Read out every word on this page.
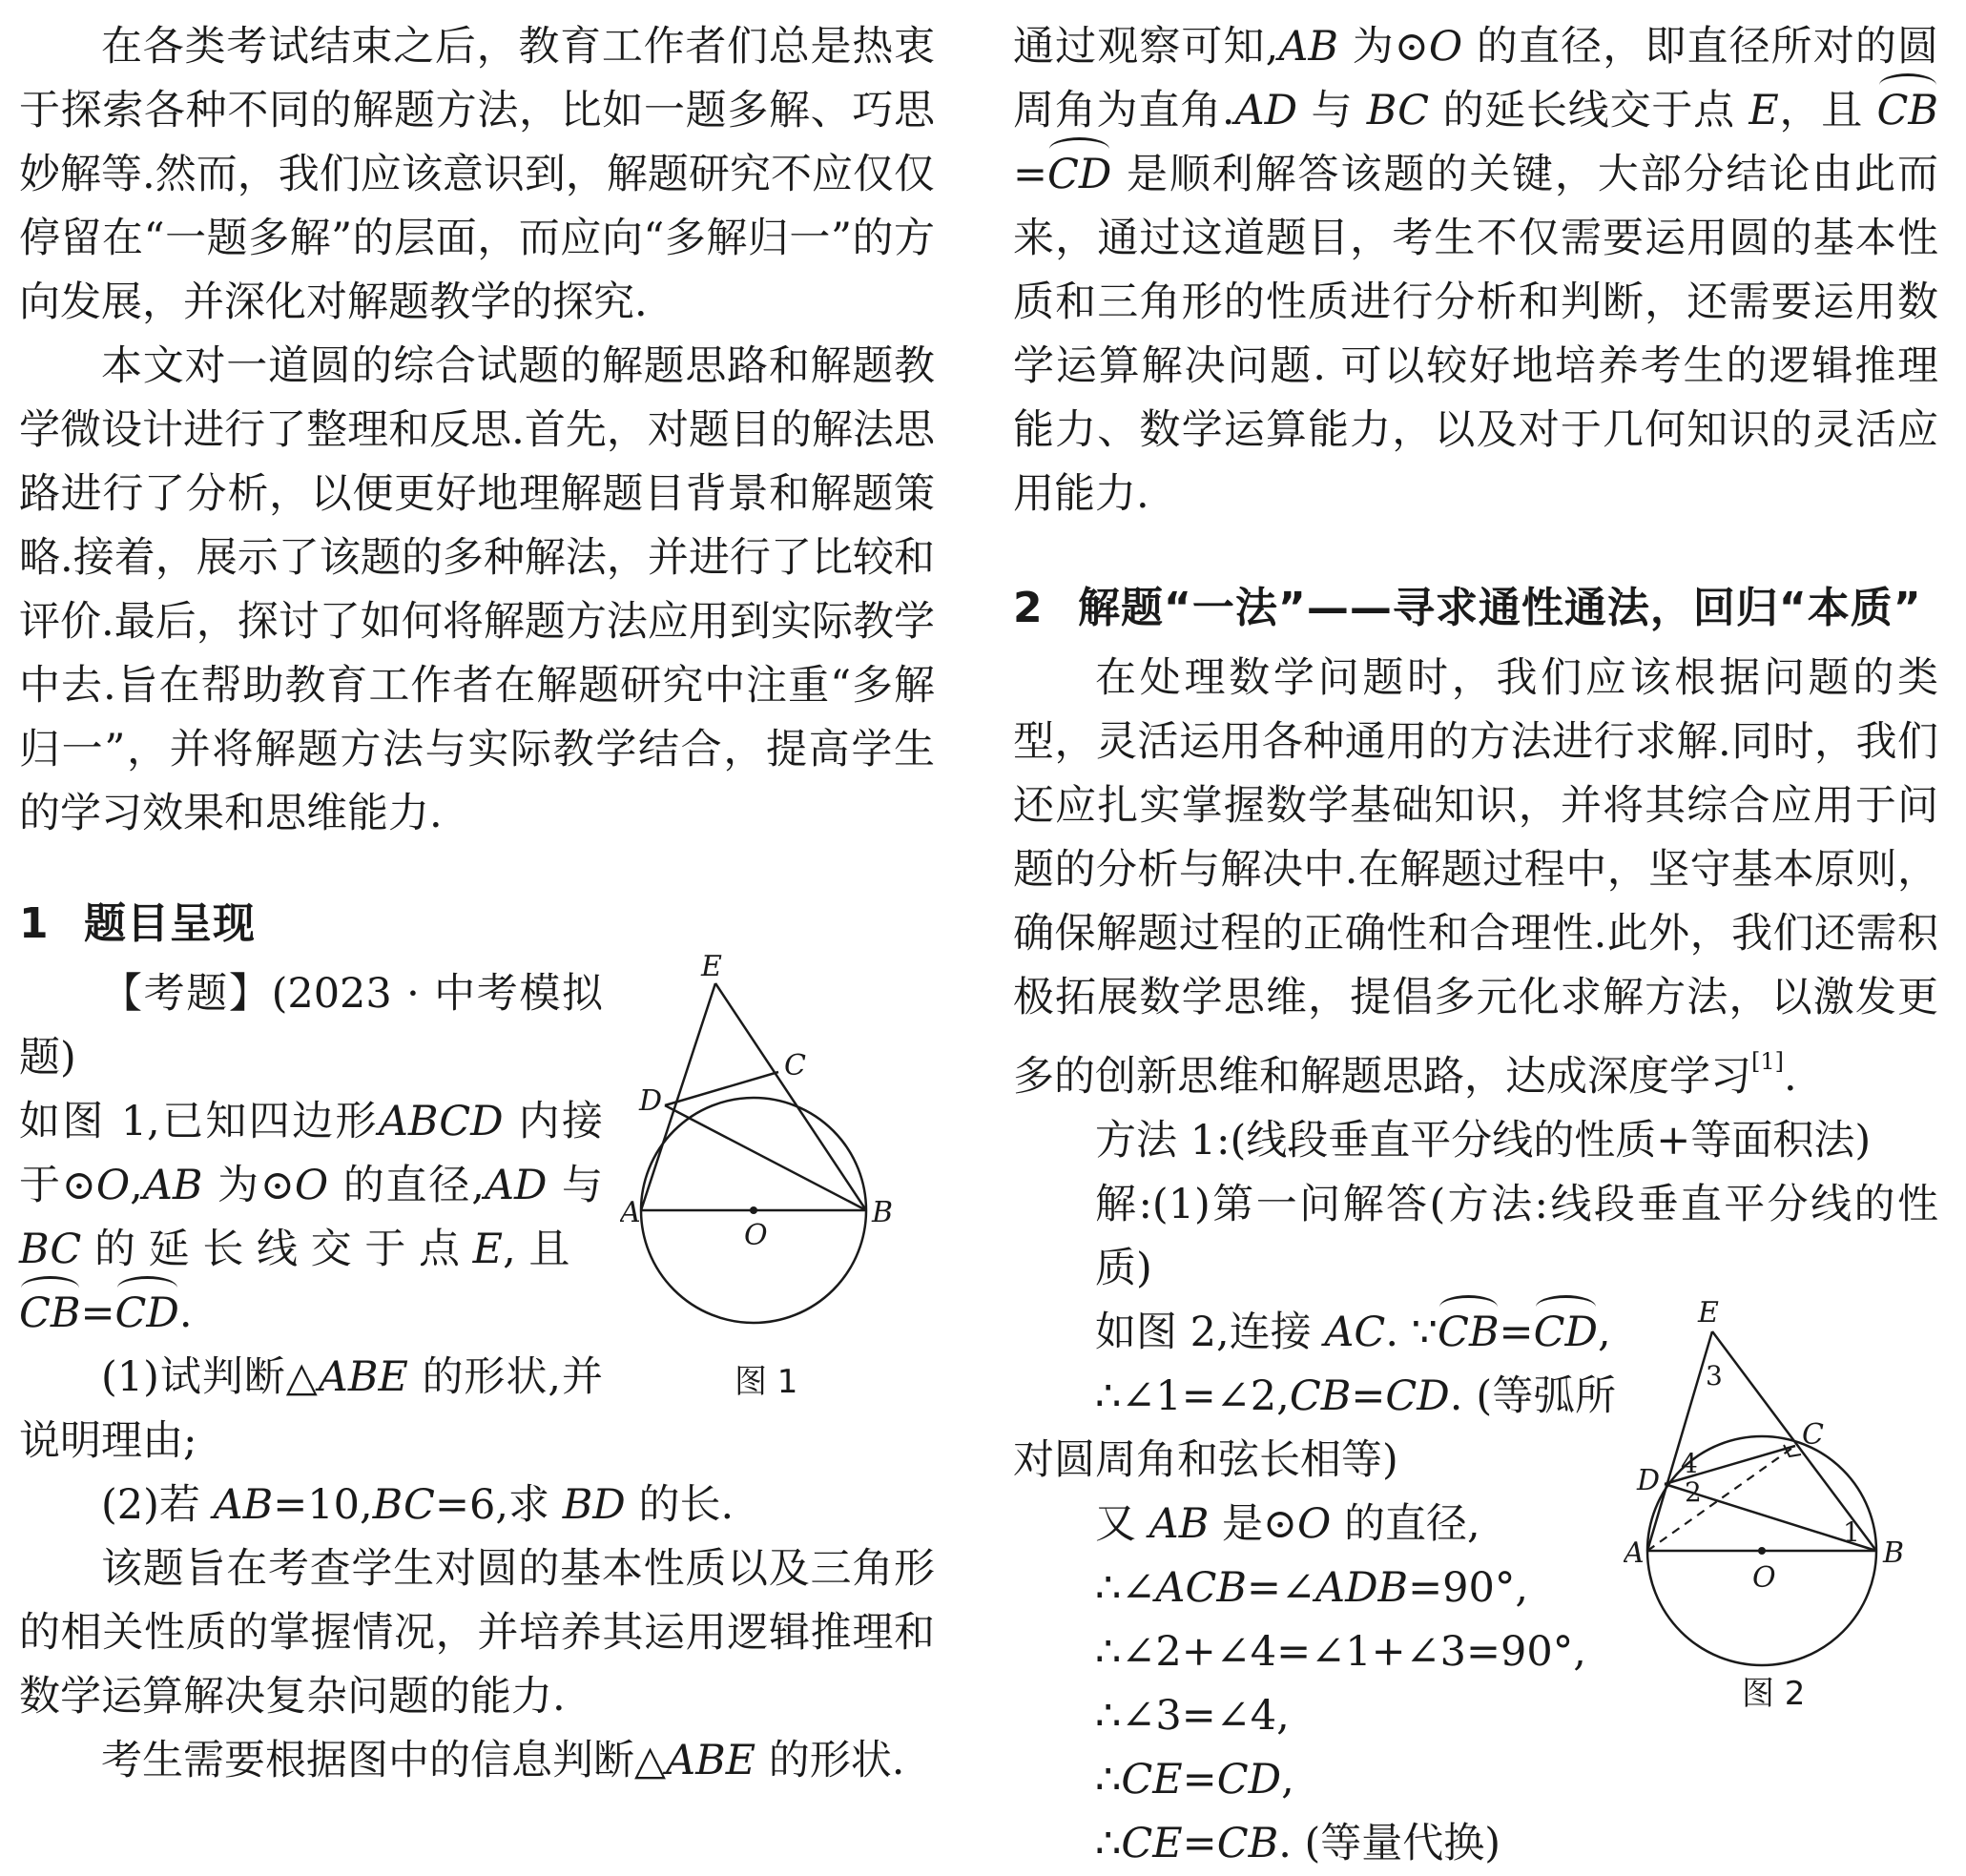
在各类考试结束之后，教育工作者们总是热衷于探索各种不同的解题方法，比如一题多解、巧思妙解等.然而，我们应该意识到，解题研究不应仅仅停留在“一题多解”的层面，而应向“多解归一”的方向发展，并深化对解题教学的探究.

本文对一道圆的综合试题的解题思路和解题教学微设计进行了整理和反思.首先，对题目的解法思路进行了分析，以便更好地理解题目背景和解题策略.接着，展示了该题的多种解法，并进行了比较和评价.最后，探讨了如何将解题方法应用到实际教学中去.旨在帮助教育工作者在解题研究中注重“多解归一”，并将解题方法与实际教学结合，提高学生的学习效果和思维能力.

1 题目呈现
E
C
D
A	B
O
图 1

【考题】(2023 · 中考模拟题)

如图 1,已知四边形ABCD 内接于⊙O,AB 为⊙O 的直径,AD 与 BC 的 延 长 线 交 于 点 E, 且
CB=CD.

(1)试判断△ABE 的形状,并说明理由;

(2)若 AB=10,BC=6,求 BD 的长.

该题旨在考查学生对圆的基本性质以及三角形的相关性质的掌握情况，并培养其运用逻辑推理和数学运算解决复杂问题的能力.

考生需要根据图中的信息判断△ABE 的形状.

通过观察可知,AB 为⊙O 的直径，即直径所对的圆周角为直角.AD 与 BC 的延长线交于点 E，且 CB=CD 是顺利解答该题的关键，大部分结论由此而来，通过这道题目，考生不仅需要运用圆的基本性质和三角形的性质进行分析和判断，还需要运用数学运算解决问题. 可以较好地培养考生的逻辑推理能力、数学运算能力，以及对于几何知识的灵活应用能力.

2 解题“一法”——寻求通性通法，回归“本质”

在处理数学问题时，我们应该根据问题的类型，灵活运用各种通用的方法进行求解.同时，我们还应扎实掌握数学基础知识，并将其综合应用于问题的分析与解决中.在解题过程中，坚守基本原则，确保解题过程的正确性和合理性.此外，我们还需积极拓展数学思维，提倡多元化求解方法，以激发更多的创新思维和解题思路，达成深度学习[1].

方法 1:(线段垂直平分线的性质+等面积法)

解:(1)第一问解答(方法:线段垂直平分线的性质)

E
C
D
A	B
O
3
4
2
1
图 2

如图 2,连接 AC. ∵CB=CD,

∴∠1=∠2,CB=CD. (等弧所对圆周角和弦长相等)

又 AB 是⊙O 的直径,

∴∠ACB=∠ADB=90°,

∴∠2+∠4=∠1+∠3=90°,

∴∠3=∠4,

∴CE=CD,

∴CE=CB. (等量代换)
